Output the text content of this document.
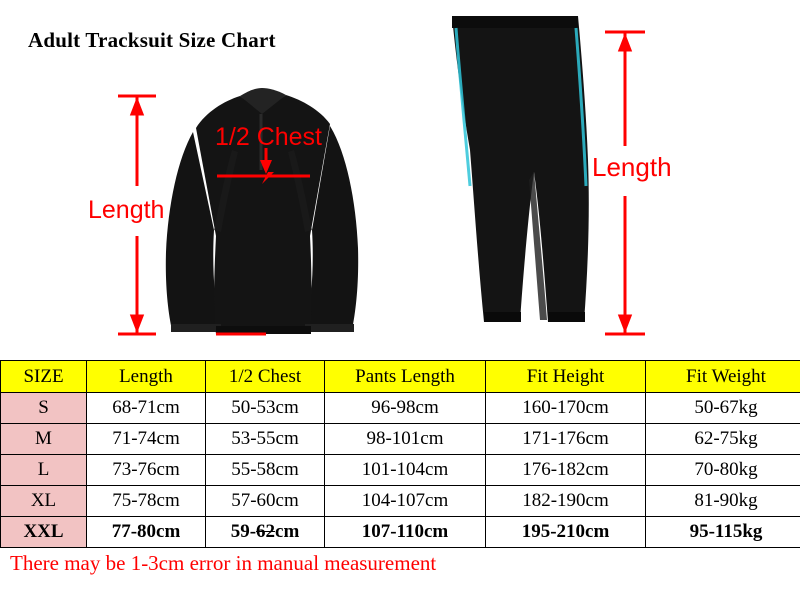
Adult Tracksuit Size Chart
Length
1/2 Chest
Length
SIZE	Length	1/2 Chest	Pants Length	Fit Height	Fit Weight
S	68-71cm	50-53cm	96-98cm	160-170cm	50-67kg
M	71-74cm	53-55cm	98-101cm	171-176cm	62-75kg
L	73-76cm	55-58cm	101-104cm	176-182cm	70-80kg
XL	75-78cm	57-60cm	104-107cm	182-190cm	81-90kg
XXL	77-80cm	59-62cm	107-110cm	195-210cm	95-115kg
There may be 1-3cm error in manual measurement
